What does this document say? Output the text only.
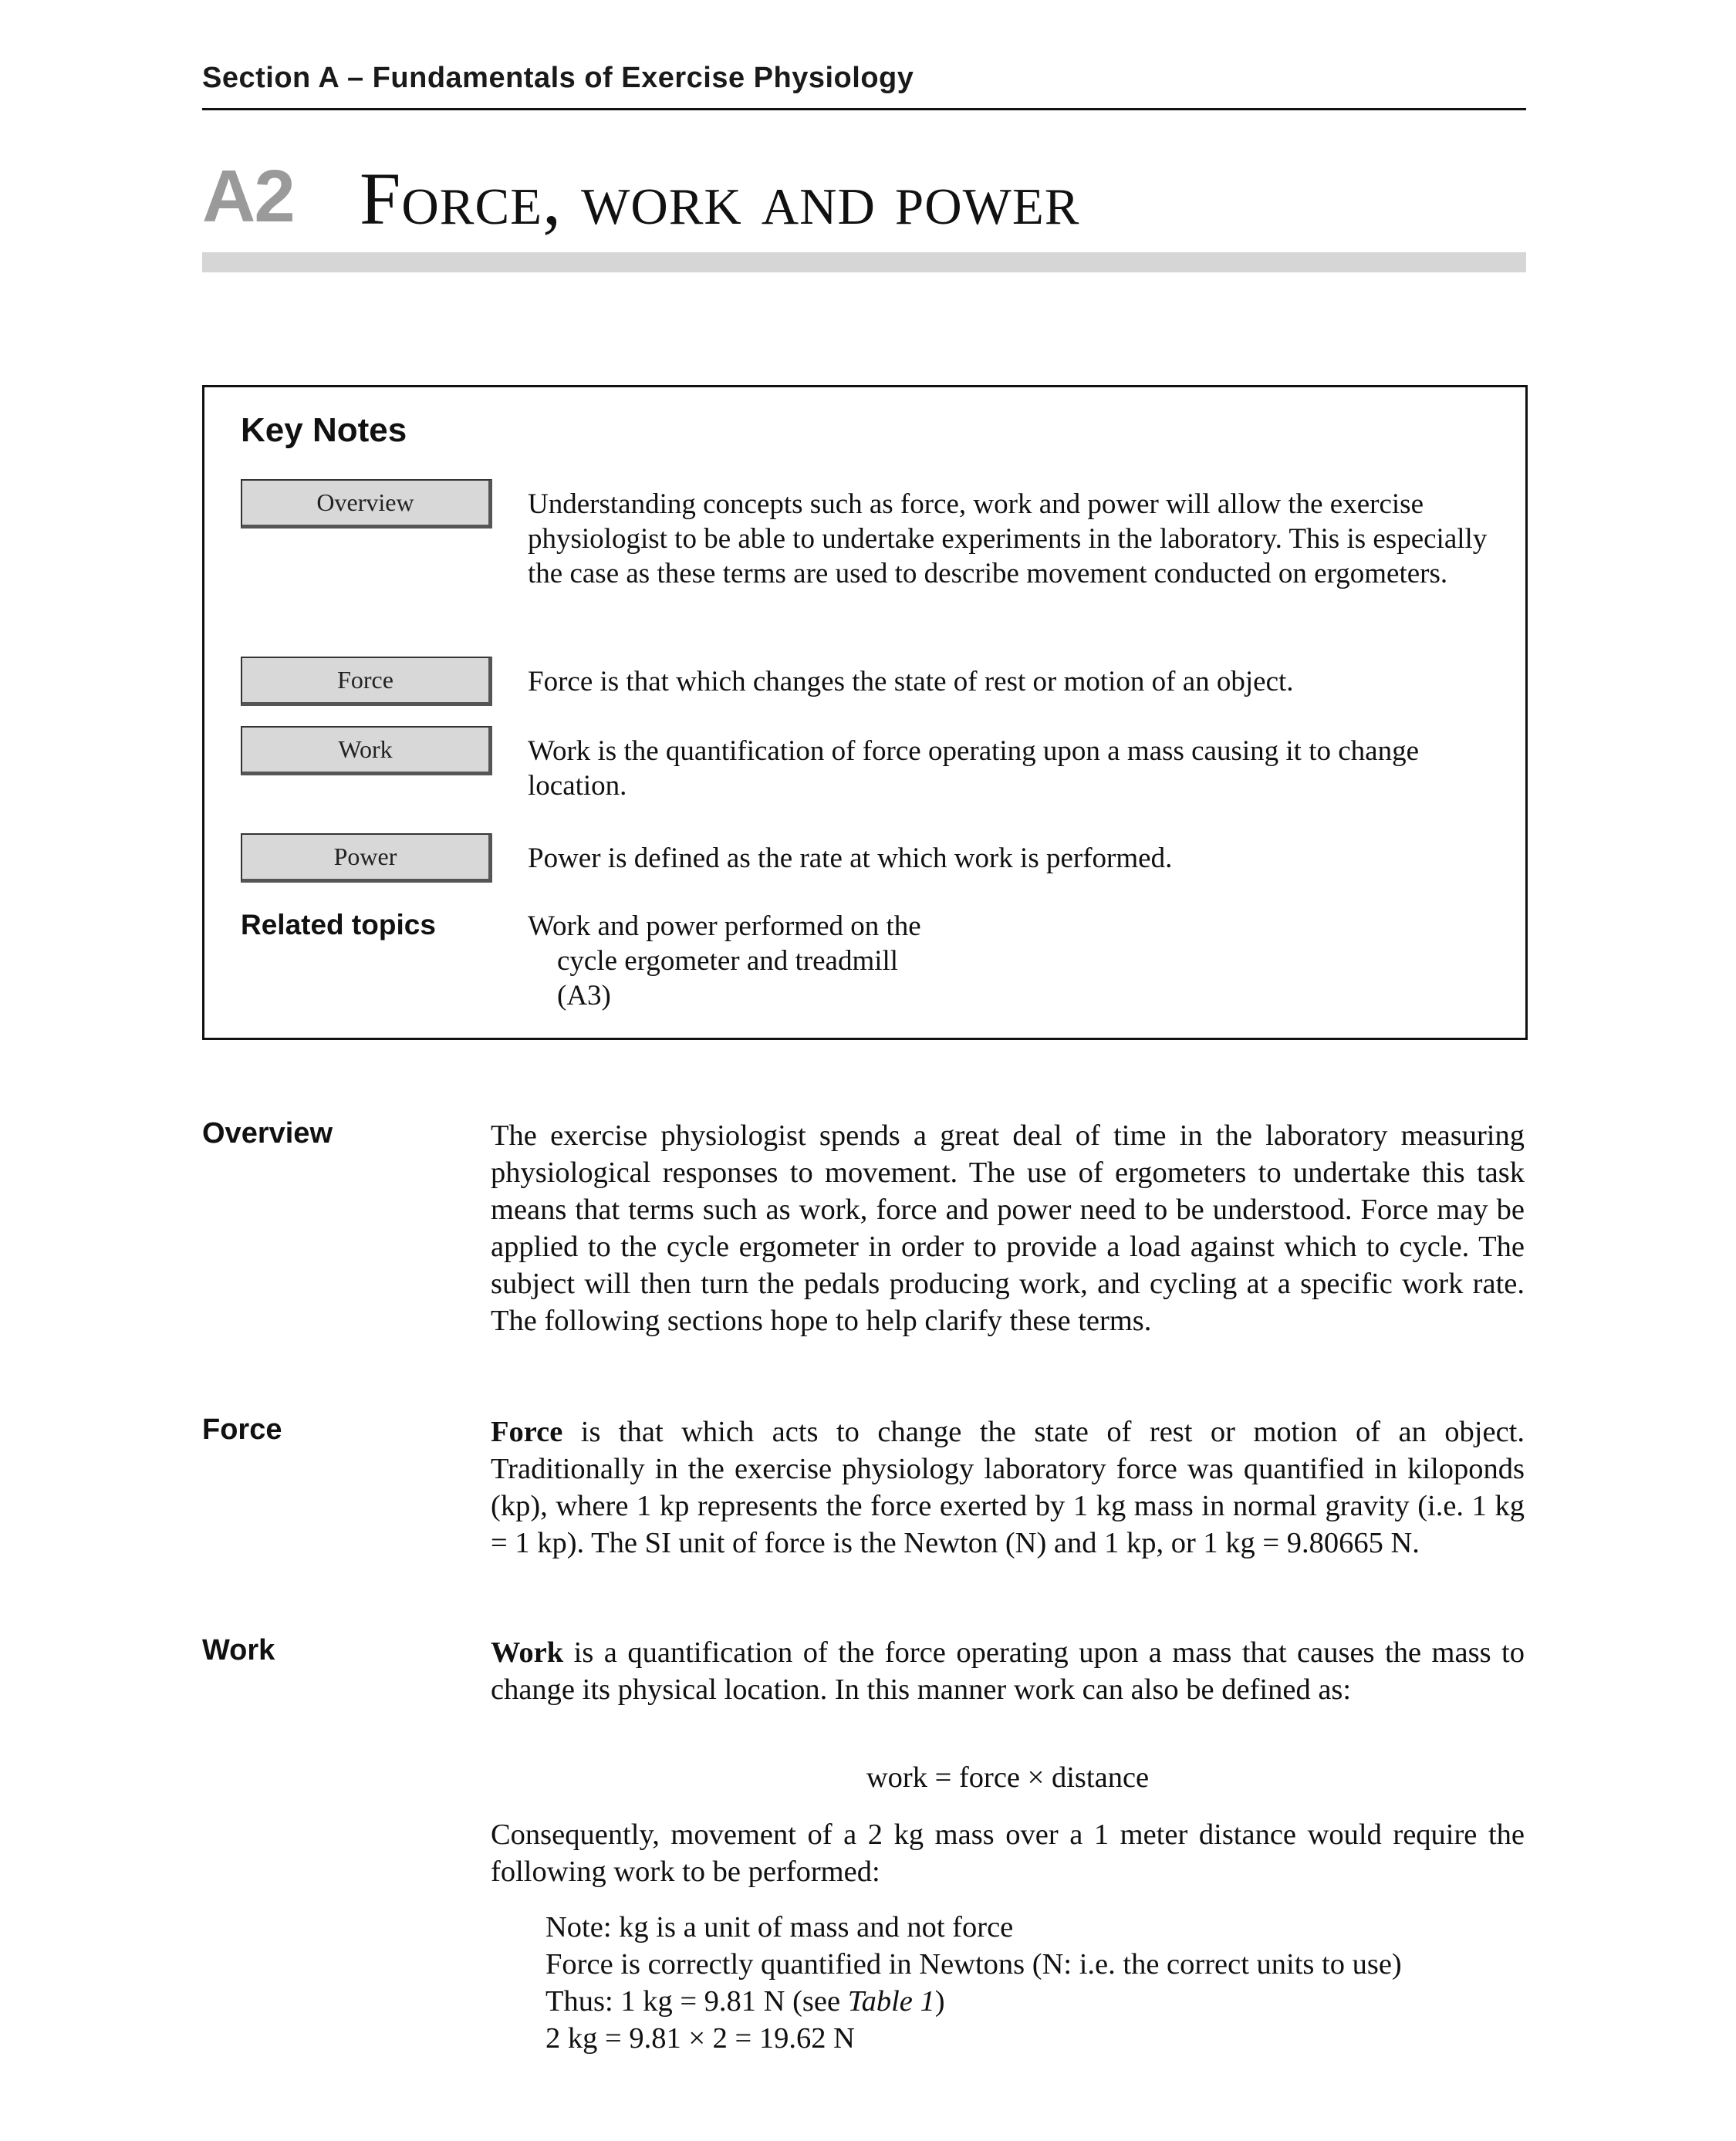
Section A – Fundamentals of Exercise Physiology
A2 Force, work and power
Key Notes
Overview	Understanding concepts such as force, work and power will allow the exercise physiologist to be able to undertake experiments in the laboratory. This is especially the case as these terms are used to describe movement conducted on ergometers.
Force	Force is that which changes the state of rest or motion of an object.
Work	Work is the quantification of force operating upon a mass causing it to change location.
Power	Power is defined as the rate at which work is performed.
Related topics	Work and power performed on the
cycle ergometer and treadmill
(A3)
Overview	The exercise physiologist spends a great deal of time in the laboratory measuring physiological responses to movement. The use of ergometers to undertake this task means that terms such as work, force and power need to be understood. Force may be applied to the cycle ergometer in order to provide a load against which to cycle. The subject will then turn the pedals producing work, and cycling at a specific work rate. The following sections hope to help clarify these terms.
Force	Force is that which acts to change the state of rest or motion of an object. Traditionally in the exercise physiology laboratory force was quantified in kiloponds (kp), where 1 kp represents the force exerted by 1 kg mass in normal gravity (i.e. 1 kg = 1 kp). The SI unit of force is the Newton (N) and 1 kp, or 1 kg = 9.80665 N.
Work	Work is a quantification of the force operating upon a mass that causes the mass to change its physical location. In this manner work can also be defined as:
work = force × distance
Consequently, movement of a 2 kg mass over a 1 meter distance would require the following work to be performed:
Note: kg is a unit of mass and not force
Force is correctly quantified in Newtons (N: i.e. the correct units to use)
Thus: 1 kg = 9.81 N (see Table 1)
2 kg = 9.81 × 2 = 19.62 N
